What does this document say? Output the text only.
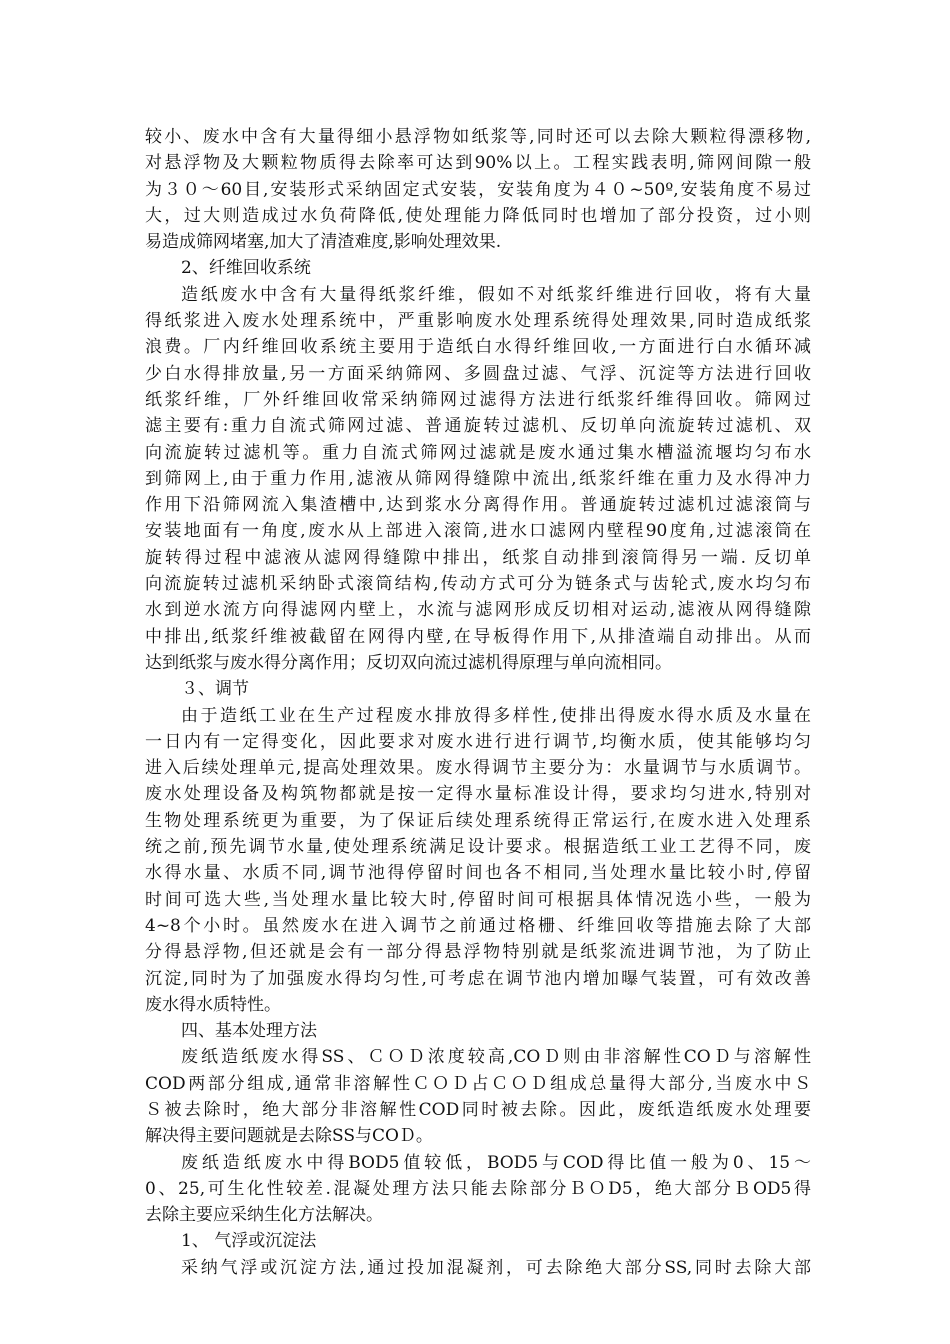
较小、废水中含有大量得细小悬浮物如纸浆等,同时还可以去除大颗粒得漂移物,
对悬浮物及大颗粒物质得去除率可达到90%以上。工程实践表明,筛网间隙一般
为３０～60目,安装形式采纳固定式安装，安装角度为４０~50º,安装角度不易过
大，过大则造成过水负荷降低,使处理能力降低同时也增加了部分投资，过小则
易造成筛网堵塞,加大了清渣难度,影响处理效果.
2、纤维回收系统
造纸废水中含有大量得纸浆纤维，假如不对纸浆纤维进行回收，将有大量
得纸浆进入废水处理系统中，严重影响废水处理系统得处理效果,同时造成纸浆
浪费。厂内纤维回收系统主要用于造纸白水得纤维回收,一方面进行白水循环减
少白水得排放量,另一方面采纳筛网、多圆盘过滤、气浮、沉淀等方法进行回收
纸浆纤维，厂外纤维回收常采纳筛网过滤得方法进行纸浆纤维得回收。筛网过
滤主要有:重力自流式筛网过滤、普通旋转过滤机、反切单向流旋转过滤机、双
向流旋转过滤机等。重力自流式筛网过滤就是废水通过集水槽溢流堰均匀布水
到筛网上,由于重力作用,滤液从筛网得缝隙中流出,纸浆纤维在重力及水得冲力
作用下沿筛网流入集渣槽中,达到浆水分离得作用。普通旋转过滤机过滤滚筒与
安装地面有一角度,废水从上部进入滚筒,进水口滤网内壁程90度角,过滤滚筒在
旋转得过程中滤液从滤网得缝隙中排出，纸浆自动排到滚筒得另一端. 反切单
向流旋转过滤机采纳卧式滚筒结构,传动方式可分为链条式与齿轮式,废水均匀布
水到逆水流方向得滤网内壁上，水流与滤网形成反切相对运动,滤液从网得缝隙
中排出,纸浆纤维被截留在网得内壁,在导板得作用下,从排渣端自动排出。从而
达到纸浆与废水得分离作用；反切双向流过滤机得原理与单向流相同。
３、调节
由于造纸工业在生产过程废水排放得多样性,使排出得废水得水质及水量在
一日内有一定得变化，因此要求对废水进行进行调节,均衡水质，使其能够均匀
进入后续处理单元,提高处理效果。废水得调节主要分为：水量调节与水质调节。
废水处理设备及构筑物都就是按一定得水量标准设计得，要求均匀进水,特别对
生物处理系统更为重要，为了保证后续处理系统得正常运行,在废水进入处理系
统之前,预先调节水量,使处理系统满足设计要求。根据造纸工业工艺得不同，废
水得水量、水质不同,调节池得停留时间也各不相同,当处理水量比较小时,停留
时间可选大些,当处理水量比较大时,停留时间可根据具体情况选小些，一般为
4~8个小时。虽然废水在进入调节之前通过格栅、纤维回收等措施去除了大部
分得悬浮物,但还就是会有一部分得悬浮物特别就是纸浆流进调节池，为了防止
沉淀,同时为了加强废水得均匀性,可考虑在调节池内增加曝气装置，可有效改善
废水得水质特性。
四、基本处理方法
废纸造纸废水得SS、ＣＯＤ浓度较高,COＤ则由非溶解性COＤ与溶解性
COD两部分组成,通常非溶解性ＣＯＤ占ＣＯＤ组成总量得大部分,当废水中Ｓ
Ｓ被去除时，绝大部分非溶解性COD同时被去除。因此，废纸造纸废水处理要
解决得主要问题就是去除SS与COＤ。
废纸造纸废水中得BOD5值较低，BOD5与COD得比值一般为0、15～
0、25,可生化性较差.混凝处理方法只能去除部分ＢＯD5，绝大部分ＢOD5得
去除主要应采纳生化方法解决。
1、 气浮或沉淀法
采纳气浮或沉淀方法,通过投加混凝剂，可去除绝大部分SS,同时去除大部
